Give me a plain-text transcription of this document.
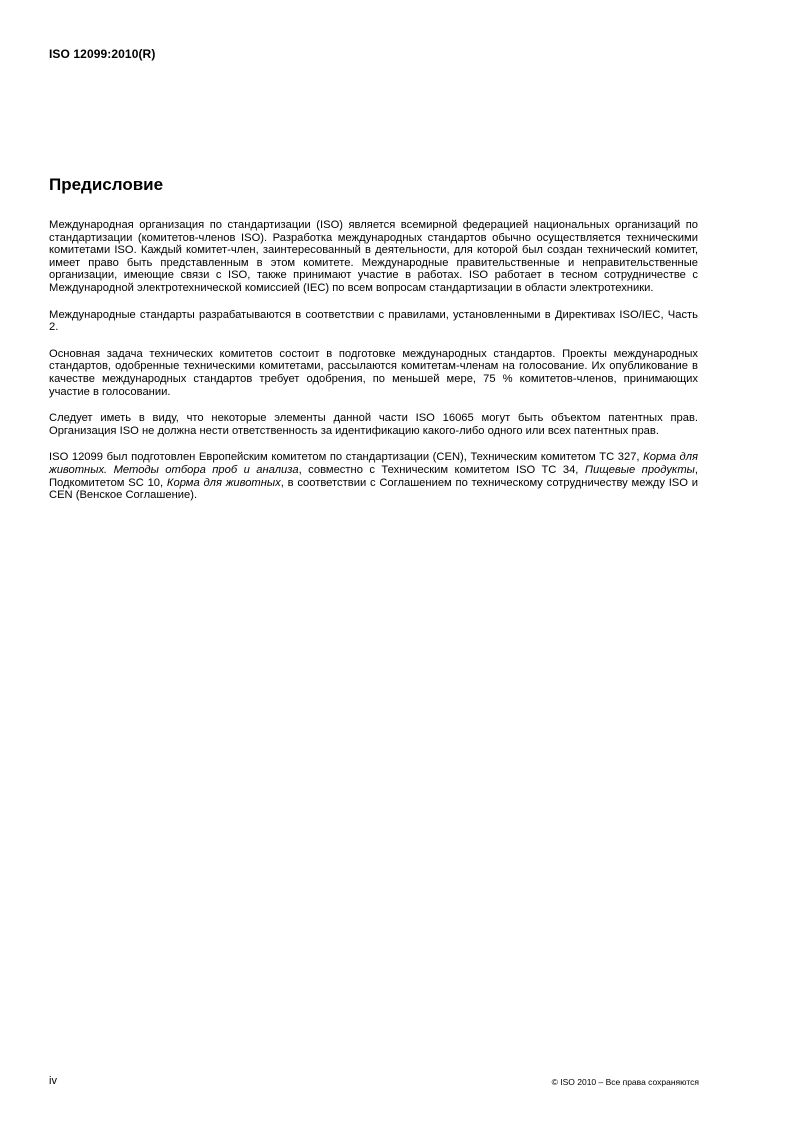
ISO 12099:2010(R)
Предисловие

Международная организация по стандартизации (ISO) является всемирной федерацией национальных организаций по стандартизации (комитетов-членов ISO). Разработка международных стандартов обычно осуществляется техническими комитетами ISO. Каждый комитет-член, заинтересованный в деятельности, для которой был создан технический комитет, имеет право быть представленным в этом комитете. Международные правительственные и неправительственные организации, имеющие связи с ISO, также принимают участие в работах. ISO работает в тесном сотрудничестве с Международной электротехнической комиссией (IEC) по всем вопросам стандартизации в области электротехники.

Международные стандарты разрабатываются в соответствии с правилами, установленными в Директивах ISO/IEC, Часть 2.

Основная задача технических комитетов состоит в подготовке международных стандартов. Проекты международных стандартов, одобренные техническими комитетами, рассылаются комитетам-членам на голосование. Их опубликование в качестве международных стандартов требует одобрения, по меньшей мере, 75 % комитетов-членов, принимающих участие в голосовании.

Следует иметь в виду, что некоторые элементы данной части ISO 16065 могут быть объектом патентных прав. Организация ISO не должна нести ответственность за идентификацию какого-либо одного или всех патентных прав.

ISO 12099 был подготовлен Европейским комитетом по стандартизации (CEN), Техническим комитетом TC 327, Корма для животных. Методы отбора проб и анализа, совместно с Техническим комитетом ISO TC 34, Пищевые продукты, Подкомитетом SC 10, Корма для животных, в соответствии с Соглашением по техническому сотрудничеству между ISO и CEN (Венское Соглашение).

iv	© ISO 2010 – Все права сохраняются
